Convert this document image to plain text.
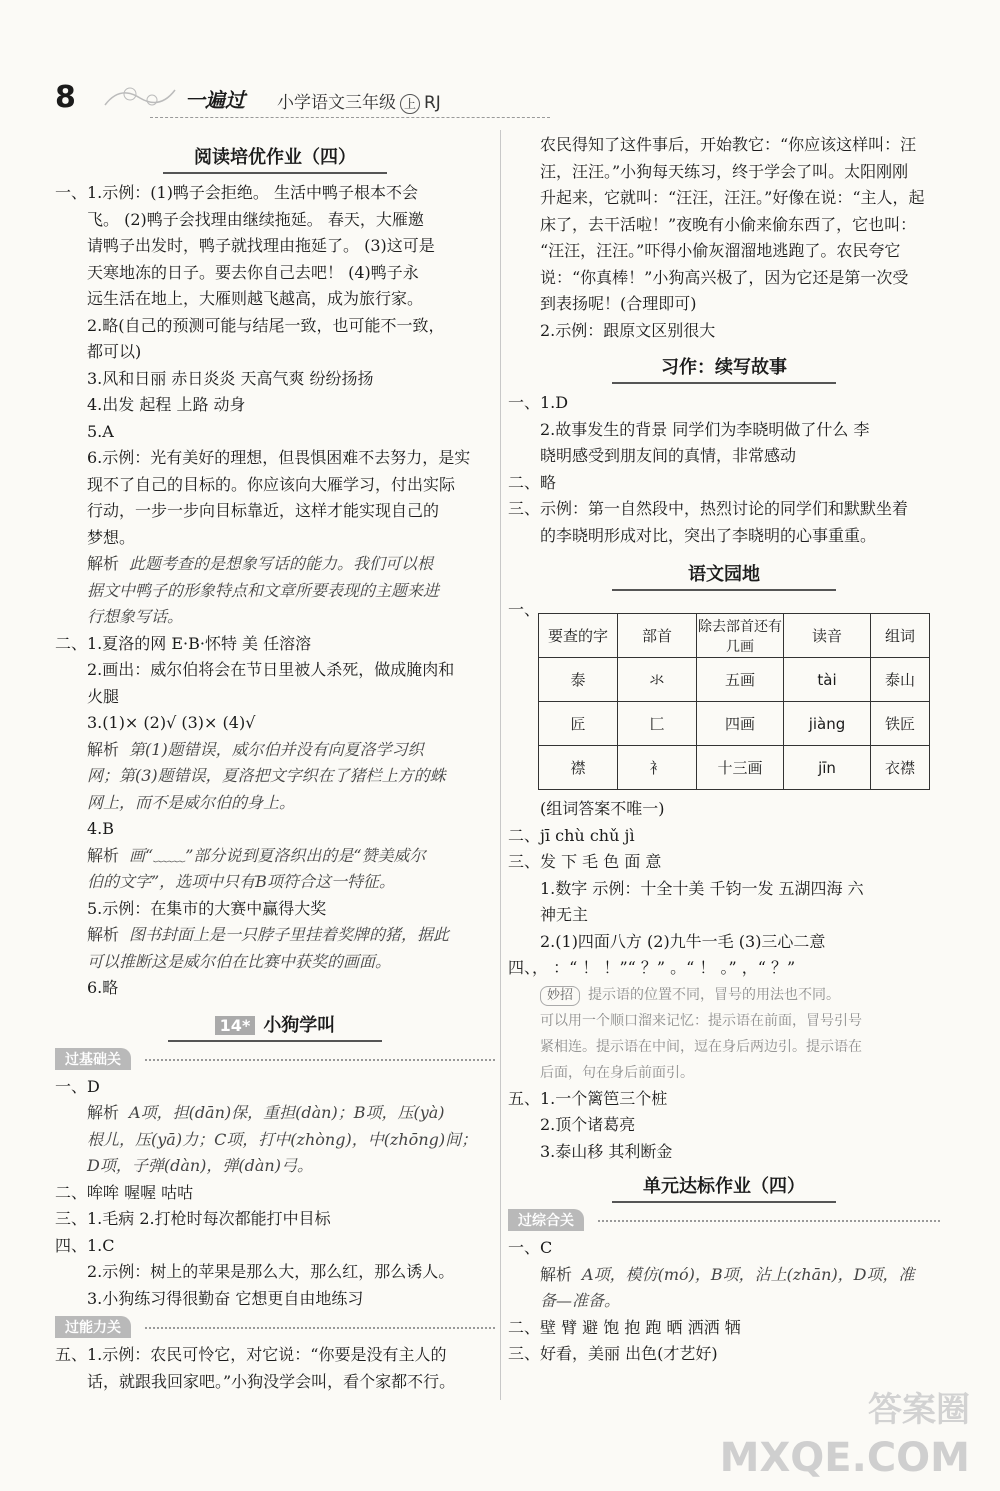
8	一遍过 小学语文三年级 上 RJ
阅读培优作业（四）
一、1.示例：(1)鸭子会拒绝。 生活中鸭子根本不会
飞。 (2)鸭子会找理由继续拖延。 春天，大雁邀
请鸭子出发时，鸭子就找理由拖延了。 (3)这可是
天寒地冻的日子。要去你自己去吧！ (4)鸭子永
远生活在地上，大雁则越飞越高，成为旅行家。
2.略(自己的预测可能与结尾一致，也可能不一致，
都可以)
3.风和日丽 赤日炎炎 天高气爽 纷纷扬扬
4.出发 起程 上路 动身
5.A
6.示例：光有美好的理想，但畏惧困难不去努力，是实
现不了自己的目标的。你应该向大雁学习，付出实际
行动，一步一步向目标靠近，这样才能实现自己的
梦想。
解析 此题考查的是想象写话的能力。我们可以根
据文中鸭子的形象特点和文章所要表现的主题来进
行想象写话。
二、1.夏洛的网 E·B·怀特 美 任溶溶
2.画出：威尔伯将会在节日里被人杀死，做成腌肉和
火腿
3.(1)× (2)√ (3)× (4)√
解析 第(1)题错误，威尔伯并没有向夏洛学习织
网；第(3)题错误，夏洛把文字织在了猪栏上方的蛛
网上，而不是威尔伯的身上。
4.B
解析 画“﹏﹏”部分说到夏洛织出的是“赞美威尔
伯的文字”，选项中只有B项符合这一特征。
5.示例：在集市的大赛中赢得大奖
解析 图书封面上是一只脖子里挂着奖牌的猪，据此
可以推断这是威尔伯在比赛中获奖的画面。
6.略
14* 小狗学叫
过基础关
一、D
解析 A项，担(dān)保，重担(dàn)；B项，压(yà)
根儿，压(yā)力；C项，打中(zhòng)，中(zhōng)间；
D项，子弹(dàn)，弹(dàn)弓。
二、哞哞 喔喔 咕咕
三、1.毛病 2.打枪时每次都能打中目标
四、1.C
2.示例：树上的苹果是那么大，那么红，那么诱人。
3.小狗练习得很勤奋 它想更自由地练习
过能力关
五、1.示例：农民可怜它，对它说：“你要是没有主人的
话，就跟我回家吧。”小狗没学会叫，看个家都不行。
农民得知了这件事后，开始教它：“你应该这样叫：汪
汪，汪汪。”小狗每天练习，终于学会了叫。太阳刚刚
升起来，它就叫：“汪汪，汪汪。”好像在说：“主人，起
床了，去干活啦！”夜晚有小偷来偷东西了，它也叫：
“汪汪，汪汪。”吓得小偷灰溜溜地逃跑了。农民夸它
说：“你真棒！”小狗高兴极了，因为它还是第一次受
到表扬呢！(合理即可)
2.示例：跟原文区别很大
习作：续写故事
一、1.D
2.故事发生的背景 同学们为李晓明做了什么 李
晓明感受到朋友间的真情，非常感动
二、略
三、示例：第一自然段中，热烈讨论的同学们和默默坐着
的李晓明形成对比，突出了李晓明的心事重重。
语文园地
一、
要查的字	部首	除去部首还有几画	读音	组词
泰	氺	五画	tài	泰山
匠	匚	四画	jiàng	铁匠
襟	衤	十三画	jīn	衣襟
(组词答案不唯一)
二、jī chù chǔ jì
三、发 下 毛 色 面 意
1.数字 示例：十全十美 千钧一发 五湖四海 六
神无主
2.(1)四面八方 (2)九牛一毛 (3)三心二意
四、， ：“ ！ ！”“ ？” 。“ ！ 。” ，“ ？”
妙招 提示语的位置不同，冒号的用法也不同。
可以用一个顺口溜来记忆：提示语在前面，冒号引号
紧相连。提示语在中间，逗在身后两边引。提示语在
后面，句在身后前面引。
五、1.一个篱笆三个桩
2.顶个诸葛亮
3.泰山移 其利断金
单元达标作业（四）
过综合关
一、C
解析 A项，模仿(mó)，B项，沾上(zhān)，D项，准
备—准备。
二、壁 臂 避 饱 抱 跑 晒 洒洒 牺
三、好看，美丽 出色(才艺好)
答案圈
MXQE.COM
